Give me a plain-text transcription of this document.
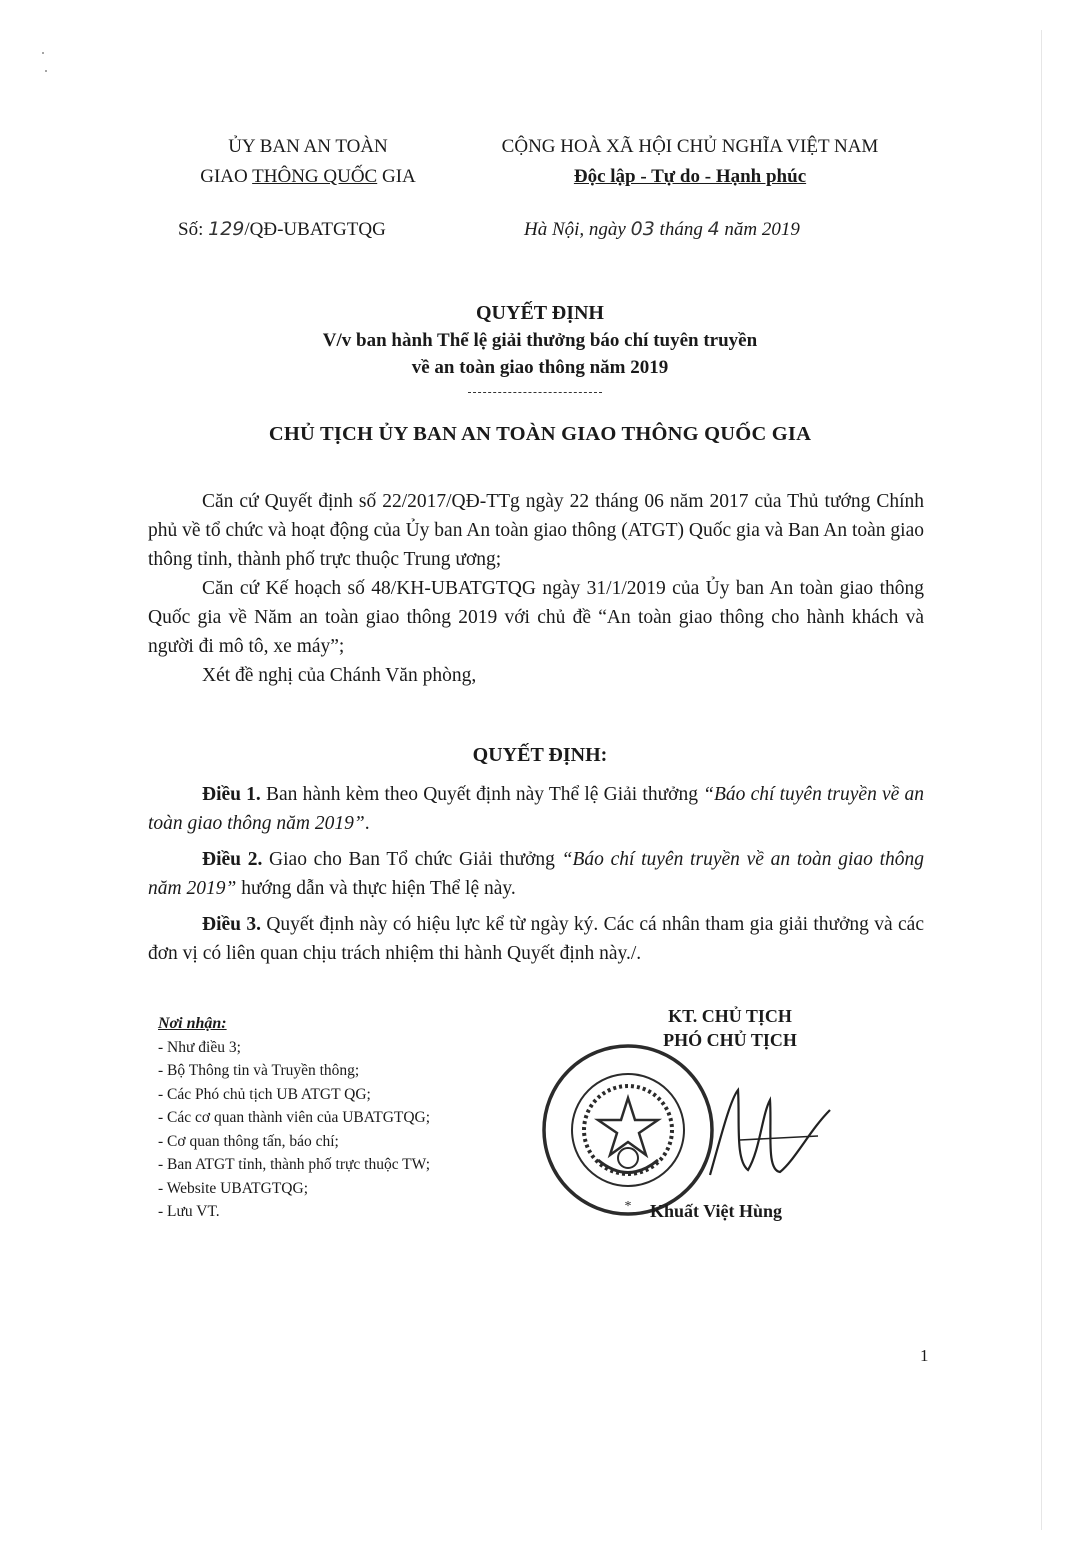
ỦY BAN AN TOÀN
GIAO THÔNG QUỐC GIA
CỘNG HOÀ XÃ HỘI CHỦ NGHĨA VIỆT NAM
Độc lập - Tự do - Hạnh phúc
Số: 129/QĐ-UBATGTQG	Hà Nội, ngày 03 tháng 4 năm 2019
QUYẾT ĐỊNH
V/v ban hành Thể lệ giải thưởng báo chí tuyên truyền
về an toàn giao thông năm 2019
CHỦ TỊCH ỦY BAN AN TOÀN GIAO THÔNG QUỐC GIA

Căn cứ Quyết định số 22/2017/QĐ-TTg ngày 22 tháng 06 năm 2017 của Thủ tướng Chính phủ về tổ chức và hoạt động của Ủy ban An toàn giao thông (ATGT) Quốc gia và Ban An toàn giao thông tỉnh, thành phố trực thuộc Trung ương;

Căn cứ Kế hoạch số 48/KH-UBATGTQG ngày 31/1/2019 của Ủy ban An toàn giao thông Quốc gia về Năm an toàn giao thông 2019 với chủ đề “An toàn giao thông cho hành khách và người đi mô tô, xe máy”;

Xét đề nghị của Chánh Văn phòng,

QUYẾT ĐỊNH:

Điều 1. Ban hành kèm theo Quyết định này Thể lệ Giải thưởng “Báo chí tuyên truyền về an toàn giao thông năm 2019”.

Điều 2. Giao cho Ban Tổ chức Giải thưởng “Báo chí tuyên truyền về an toàn giao thông năm 2019” hướng dẫn và thực hiện Thể lệ này.

Điều 3. Quyết định này có hiệu lực kể từ ngày ký. Các cá nhân tham gia giải thưởng và các đơn vị có liên quan chịu trách nhiệm thi hành Quyết định này./.

Nơi nhận:
- Như điều 3;
- Bộ Thông tin và Truyền thông;
- Các Phó chủ tịch UB ATGT QG;
- Các cơ quan thành viên của UBATGTQG;
- Cơ quan thông tấn, báo chí;
- Ban ATGT tỉnh, thành phố trực thuộc TW;
- Website UBATGTQG;
- Lưu VT.
KT. CHỦ TỊCH
PHÓ CHỦ TỊCH
* Khuất Việt Hùng
1
